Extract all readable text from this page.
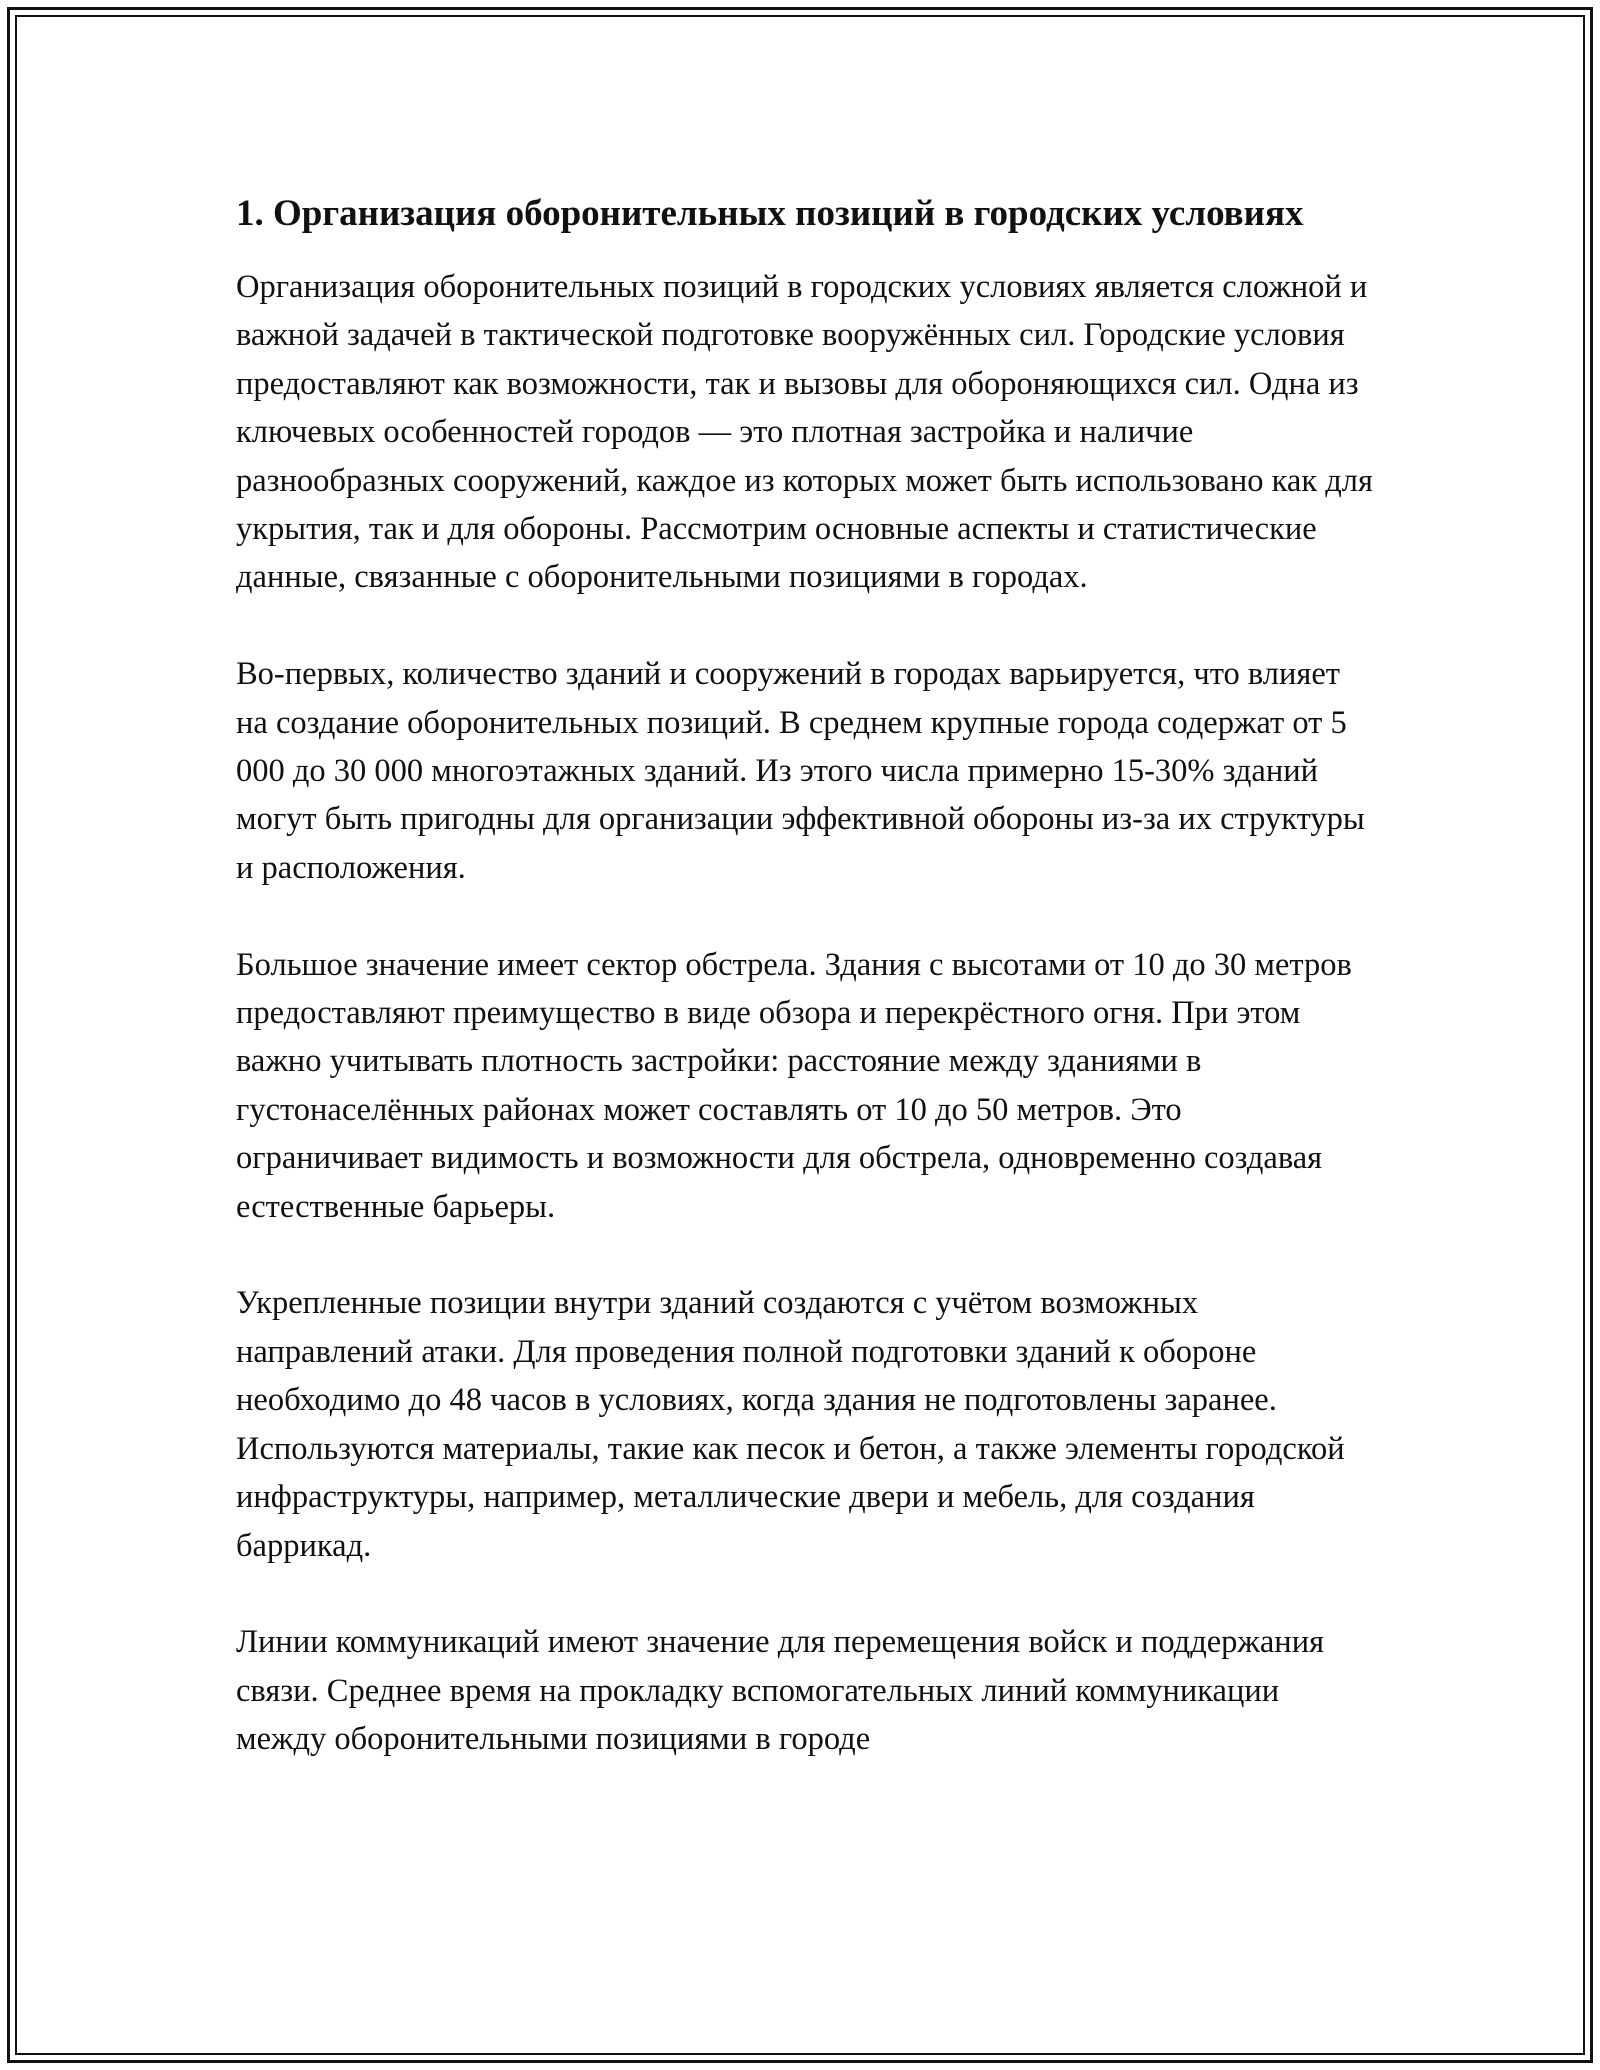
1. Организация оборонительных позиций в городских условиях

Организация оборонительных позиций в городских условиях является сложной и важной задачей в тактической подготовке вооружённых сил. Городские условия предоставляют как возможности, так и вызовы для обороняющихся сил. Одна из ключевых особенностей городов — это плотная застройка и наличие разнообразных сооружений, каждое из которых может быть использовано как для укрытия, так и для обороны. Рассмотрим основные аспекты и статистические данные, связанные с оборонительными позициями в городах.

Во-первых, количество зданий и сооружений в городах варьируется, что влияет на создание оборонительных позиций. В среднем крупные города содержат от 5 000 до 30 000 многоэтажных зданий. Из этого числа примерно 15-30% зданий могут быть пригодны для организации эффективной обороны из-за их структуры и расположения.

Большое значение имеет сектор обстрела. Здания с высотами от 10 до 30 метров предоставляют преимущество в виде обзора и перекрёстного огня. При этом важно учитывать плотность застройки: расстояние между зданиями в густонаселённых районах может составлять от 10 до 50 метров. Это ограничивает видимость и возможности для обстрела, одновременно создавая естественные барьеры.

Укрепленные позиции внутри зданий создаются с учётом возможных направлений атаки. Для проведения полной подготовки зданий к обороне необходимо до 48 часов в условиях, когда здания не подготовлены заранее. Используются материалы, такие как песок и бетон, а также элементы городской инфраструктуры, например, металлические двери и мебель, для создания баррикад.

Линии коммуникаций имеют значение для перемещения войск и поддержания связи. Среднее время на прокладку вспомогательных линий коммуникации между оборонительными позициями в городе
